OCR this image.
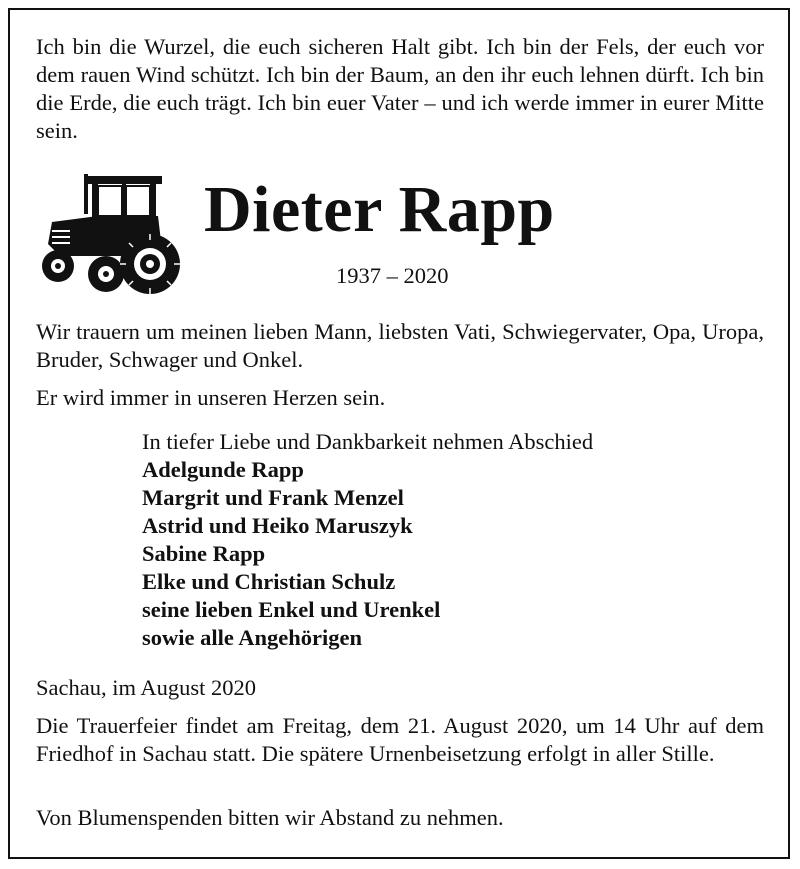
Ich bin die Wurzel, die euch sicheren Halt gibt. Ich bin der Fels, der euch vor dem rauen Wind schützt. Ich bin der Baum, an den ihr euch lehnen dürft. Ich bin die Erde, die euch trägt. Ich bin euer Vater – und ich werde immer in eurer Mitte sein.

Dieter Rapp
1937 – 2020

Wir trauern um meinen lieben Mann, liebsten Vati, Schwiegervater, Opa, Uropa, Bruder, Schwager und Onkel.

Er wird immer in unseren Herzen sein.

In tiefer Liebe und Dankbarkeit nehmen Abschied
Adelgunde Rapp
Margrit und Frank Menzel
Astrid und Heiko Maruszyk
Sabine Rapp
Elke und Christian Schulz
seine lieben Enkel und Urenkel
sowie alle Angehörigen

Sachau, im August 2020

Die Trauerfeier findet am Freitag, dem 21. August 2020, um 14 Uhr auf dem Friedhof in Sachau statt. Die spätere Urnenbeisetzung erfolgt in aller Stille.

Von Blumenspenden bitten wir Abstand zu nehmen.
